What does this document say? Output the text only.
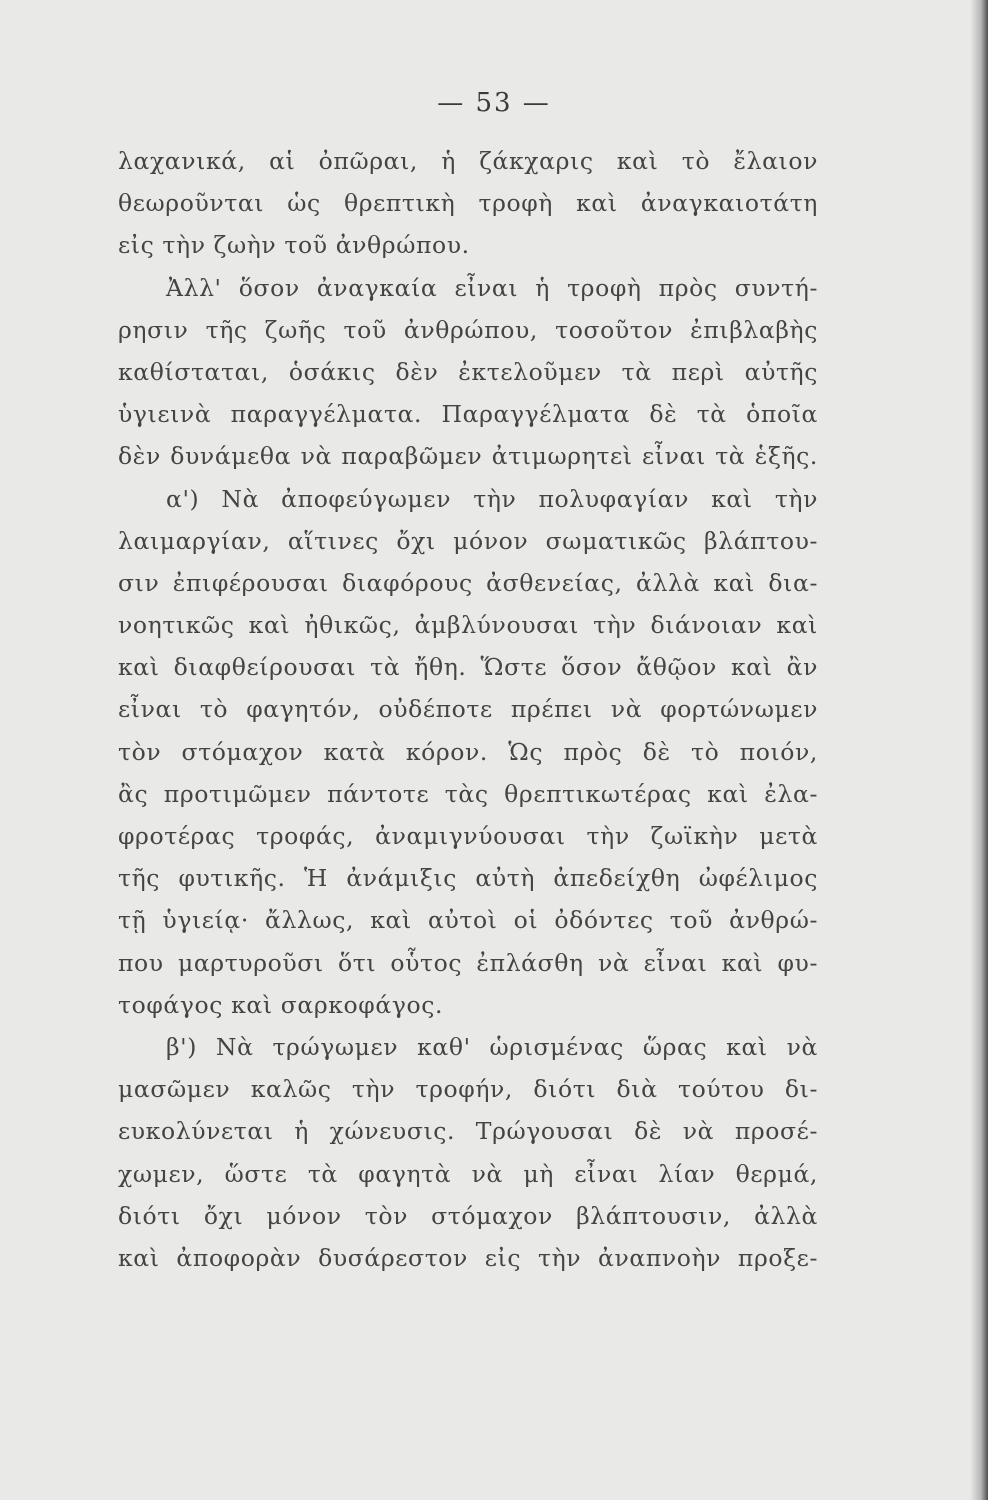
— 53 —
λαχανικά, αἱ ὀπῶραι, ἡ ζάκχαρις καὶ τὸ ἔλαιον
θεωροῦνται ὡς θρεπτικὴ τροφὴ καὶ ἀναγκαιοτάτη
εἰς τὴν ζωὴν τοῦ ἀνθρώπου.
Ἀλλ' ὅσον ἀναγκαία εἶναι ἡ τροφὴ πρὸς συντή-
ρησιν τῆς ζωῆς τοῦ ἀνθρώπου, τοσοῦτον ἐπιβλαβὴς
καθίσταται, ὁσάκις δὲν ἐκτελοῦμεν τὰ περὶ αὐτῆς
ὑγιεινὰ παραγγέλματα. Παραγγέλματα δὲ τὰ ὁποῖα
δὲν δυνάμεθα νὰ παραβῶμεν ἀτιμωρητεὶ εἶναι τὰ ἑξῆς.
α') Νὰ ἀποφεύγωμεν τὴν πολυφαγίαν καὶ τὴν
λαιμαργίαν, αἵτινες ὄχι μόνον σωματικῶς βλάπτου-
σιν ἐπιφέρουσαι διαφόρους ἀσθενείας, ἀλλὰ καὶ δια-
νοητικῶς καὶ ἠθικῶς, ἀμβλύνουσαι τὴν διάνοιαν καὶ
καὶ διαφθείρουσαι τὰ ἤθη. Ὥστε ὅσον ἄθῷον καὶ ἂν
εἶναι τὸ φαγητόν, οὐδέποτε πρέπει νὰ φορτώνωμεν
τὸν στόμαχον κατὰ κόρον. Ὡς πρὸς δὲ τὸ ποιόν,
ἂς προτιμῶμεν πάντοτε τὰς θρεπτικωτέρας καὶ ἐλα-
φροτέρας τροφάς, ἀναμιγνύουσαι τὴν ζωϊκὴν μετὰ
τῆς φυτικῆς. Ἡ ἀνάμιξις αὐτὴ ἀπεδείχθη ὠφέλιμος
τῇ ὑγιείᾳ· ἄλλως, καὶ αὐτοὶ οἱ ὀδόντες τοῦ ἀνθρώ-
που μαρτυροῦσι ὅτι οὗτος ἐπλάσθη νὰ εἶναι καὶ φυ-
τοφάγος καὶ σαρκοφάγος.
β') Νὰ τρώγωμεν καθ' ὡρισμένας ὥρας καὶ νὰ
μασῶμεν καλῶς τὴν τροφήν, διότι διὰ τούτου δι-
ευκολύνεται ἡ χώνευσις. Τρώγουσαι δὲ νὰ προσέ-
χωμεν, ὥστε τὰ φαγητὰ νὰ μὴ εἶναι λίαν θερμά,
διότι ὄχι μόνον τὸν στόμαχον βλάπτουσιν, ἀλλὰ
καὶ ἀποφορὰν δυσάρεστον εἰς τὴν ἀναπνοὴν προξε-
